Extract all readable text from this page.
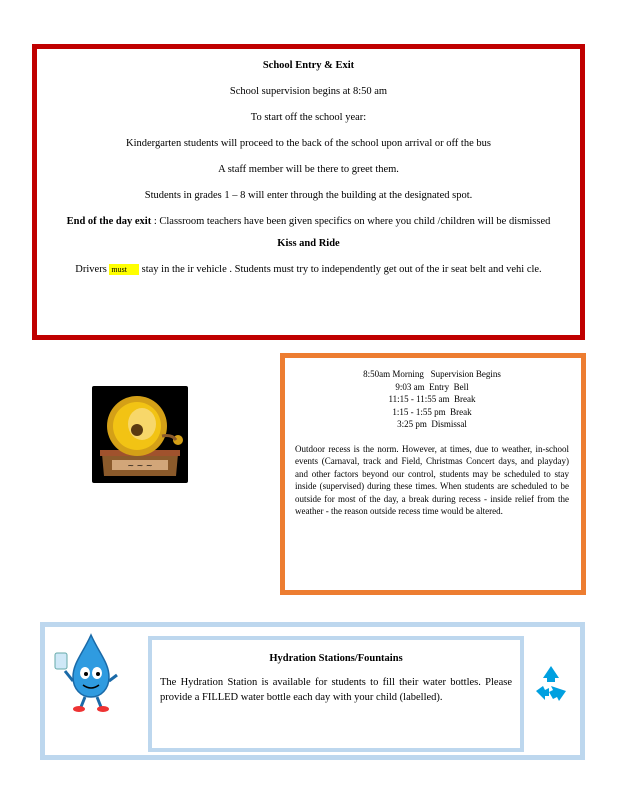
School Entry & Exit

School supervision begins at 8:50 am

To start off the school year:

Kindergarten students will proceed to the back of the school upon arrival or off the bus

A staff member will be there to greet them.

Students in grades 1 – 8 will enter through the building at the designated spot.

End of the day exit : Classroom teachers have been given specifics on where you child /children will be dismissed

Kiss and Ride

Drivers must stay in the ir vehicle . Students must try to independently get out of the ir seat belt and vehi cle.

~ ~ ~
8:50am Morning   Supervision Begins
9:03 am  Entry  Bell
11:15 - 11:55 am  Break
1:15 - 1:55 pm  Break
3:25 pm  Dismissal

Outdoor recess is the norm. However, at times, due to weather, in-school events (Carnaval, track and Field, Christmas Concert days, and playday) and other factors beyond our control, students may be scheduled to stay inside (supervised) during these times. When students are scheduled to be outside for most of the day, a break during recess - inside relief from the weather - the reason outside recess time would be altered.

Hydration Stations/Fountains

The Hydration Station is available for students to fill their water bottles. Please provide a FILLED water bottle each day with your child (labelled).
